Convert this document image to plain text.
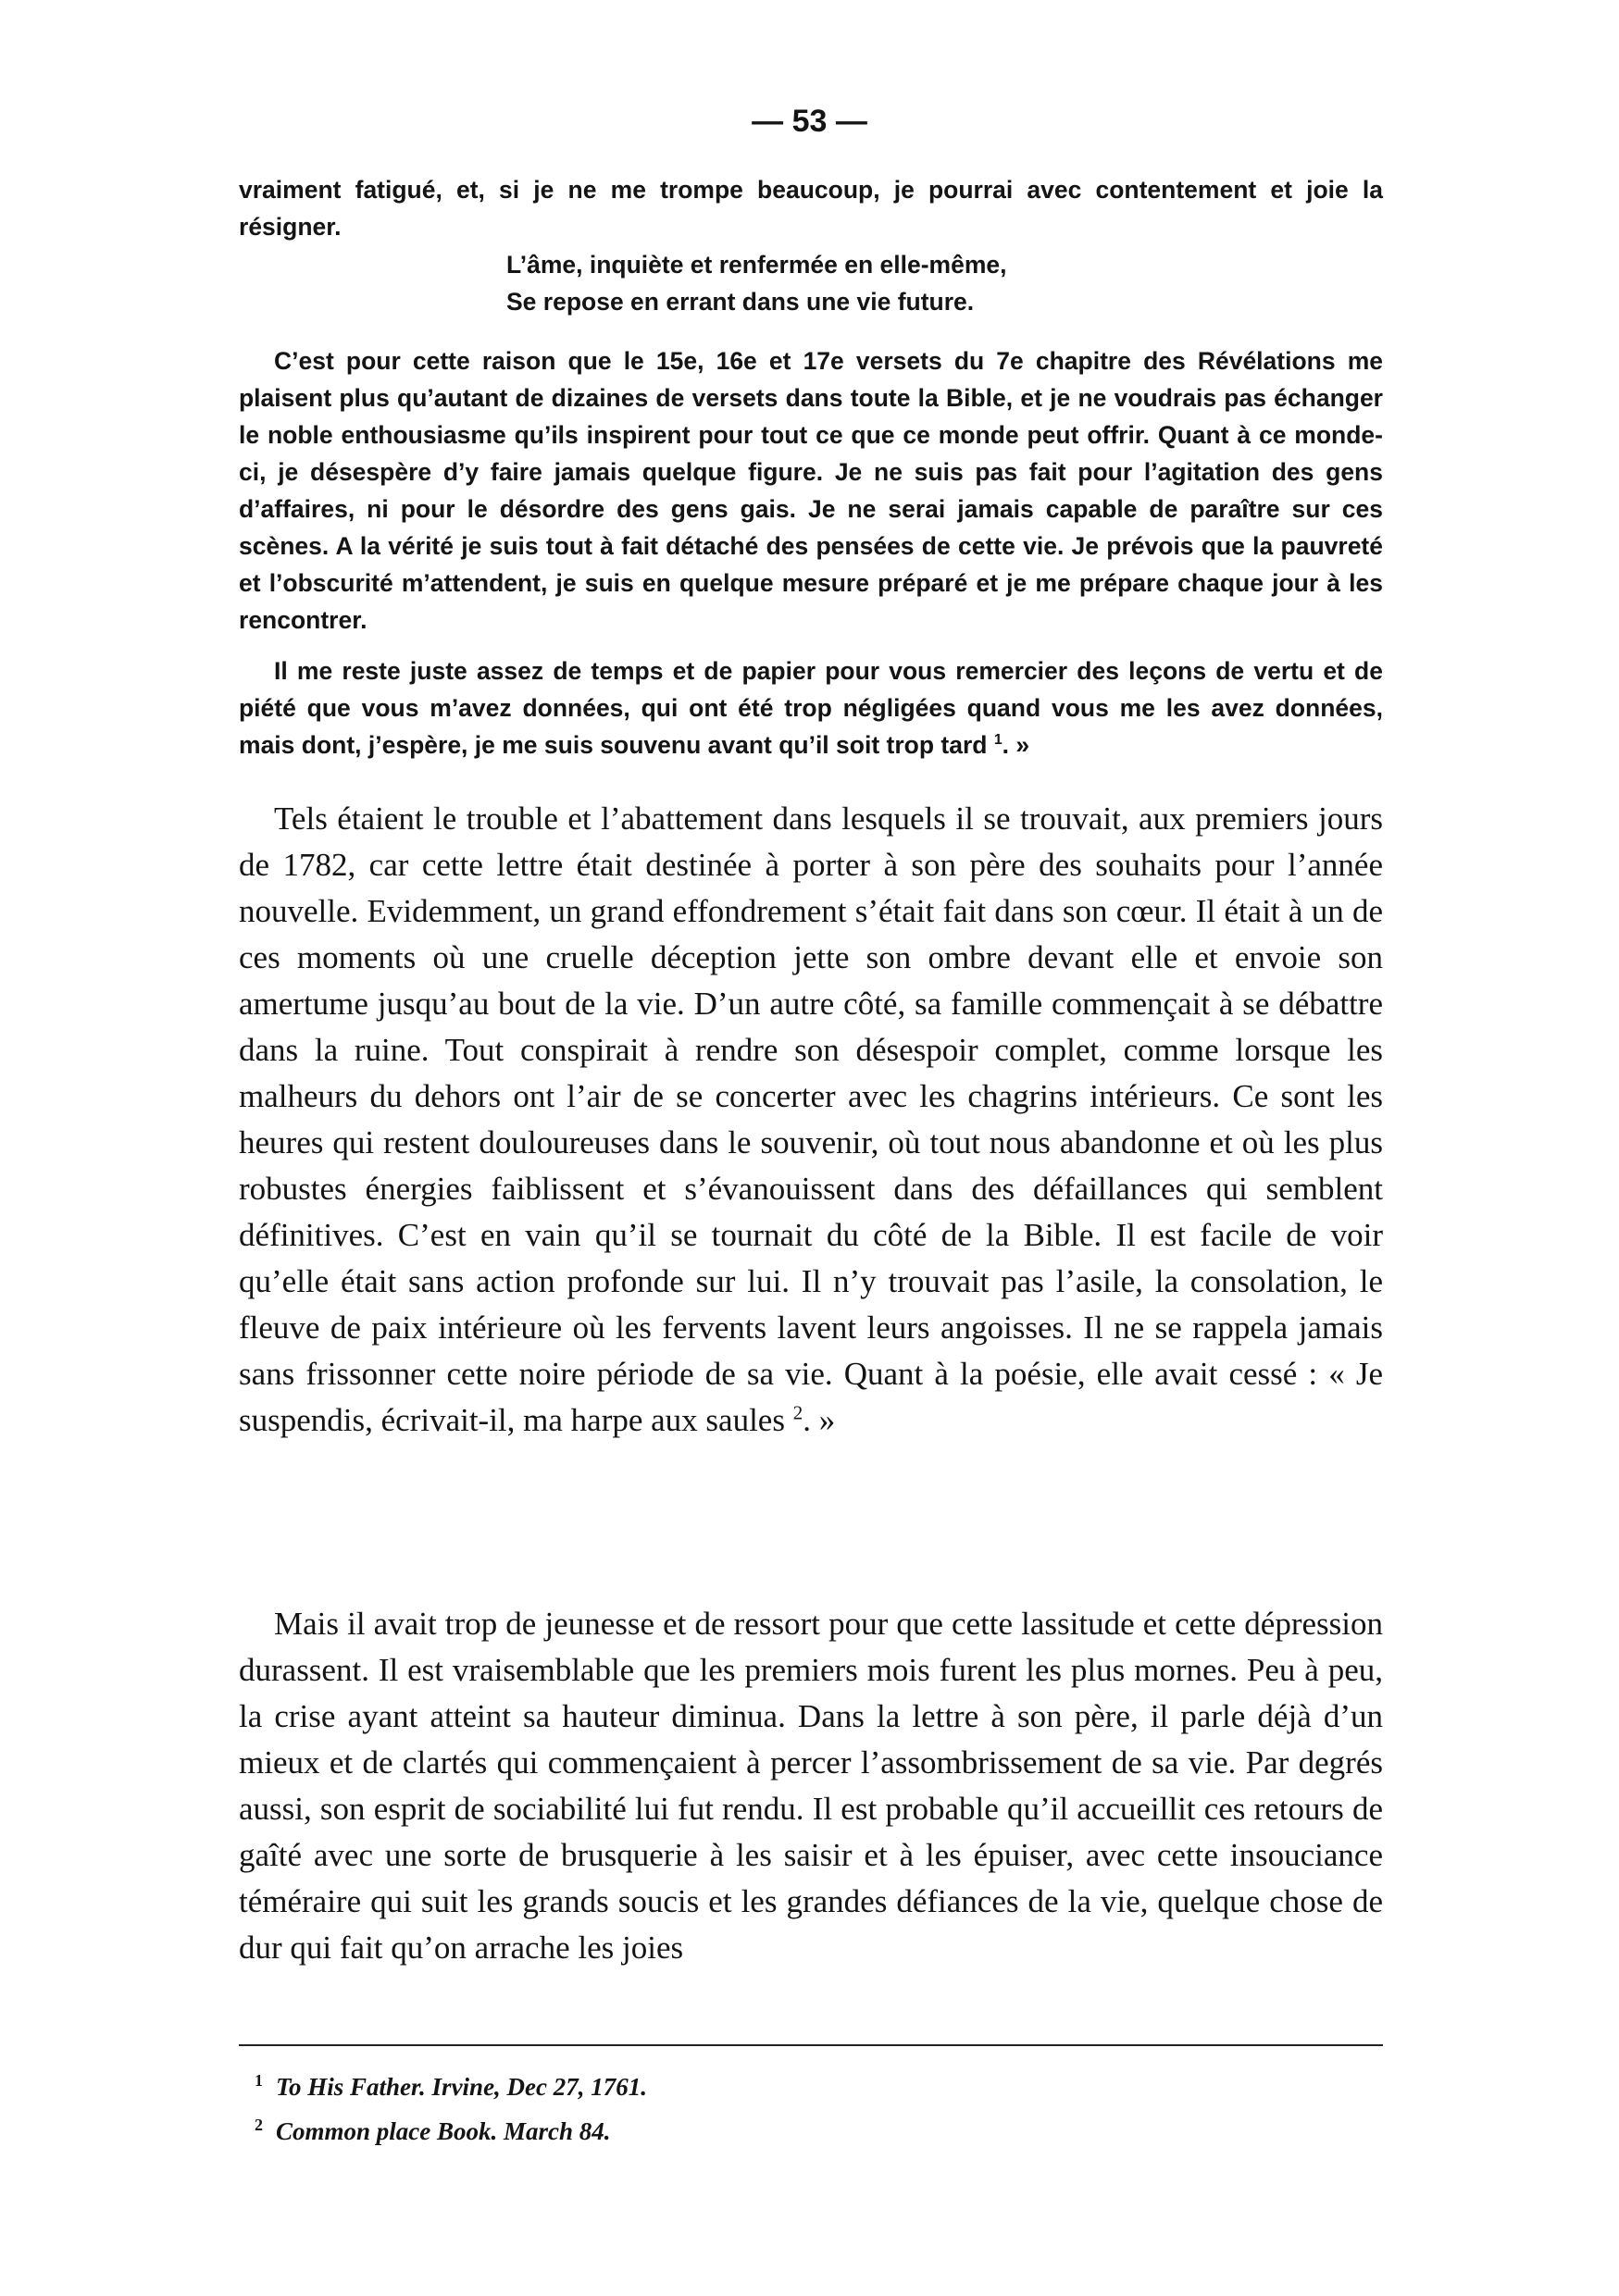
— 53 —

vraiment fatigué, et, si je ne me trompe beaucoup, je pourrai avec contentement et joie la résigner.

L’âme, inquiète et renfermée en elle-même,
Se repose en errant dans une vie future.

C’est pour cette raison que le 15e, 16e et 17e versets du 7e chapitre des Révélations me plaisent plus qu’autant de dizaines de versets dans toute la Bible, et je ne voudrais pas échanger le noble enthousiasme qu’ils inspirent pour tout ce que ce monde peut offrir. Quant à ce monde-ci, je désespère d’y faire jamais quelque figure. Je ne suis pas fait pour l’agitation des gens d’affaires, ni pour le désordre des gens gais. Je ne serai jamais capable de paraître sur ces scènes. A la vérité je suis tout à fait détaché des pensées de cette vie. Je prévois que la pauvreté et l’obscurité m’attendent, je suis en quelque mesure préparé et je me prépare chaque jour à les rencontrer.

Il me reste juste assez de temps et de papier pour vous remercier des leçons de vertu et de piété que vous m’avez données, qui ont été trop négligées quand vous me les avez données, mais dont, j’espère, je me suis souvenu avant qu’il soit trop tard $^1$. »

Tels étaient le trouble et l’abattement dans lesquels il se trouvait, aux premiers jours de 1782, car cette lettre était destinée à porter à son père des souhaits pour l’année nouvelle. Evidemment, un grand effondrement s’était fait dans son cœur. Il était à un de ces moments où une cruelle déception jette son ombre devant elle et envoie son amertume jusqu’au bout de la vie. D’un autre côté, sa famille commençait à se débattre dans la ruine. Tout conspirait à rendre son désespoir complet, comme lorsque les malheurs du dehors ont l’air de se concerter avec les chagrins intérieurs. Ce sont les heures qui restent douloureuses dans le souvenir, où tout nous abandonne et où les plus robustes énergies faiblissent et s’évanouissent dans des défaillances qui semblent définitives. C’est en vain qu’il se tournait du côté de la Bible. Il est facile de voir qu’elle était sans action profonde sur lui. Il n’y trouvait pas l’asile, la consolation, le fleuve de paix intérieure où les fervents lavent leurs angoisses. Il ne se rappela jamais sans frissonner cette noire période de sa vie. Quant à la poésie, elle avait cessé : « Je suspendis, écrivait-il, ma harpe aux saules $^2$. »

Mais il avait trop de jeunesse et de ressort pour que cette lassitude et cette dépression durassent. Il est vraisemblable que les premiers mois furent les plus mornes. Peu à peu, la crise ayant atteint sa hauteur diminua. Dans la lettre à son père, il parle déjà d’un mieux et de clartés qui commençaient à percer l’assombrissement de sa vie. Par degrés aussi, son esprit de sociabilité lui fut rendu. Il est probable qu’il accueillit ces retours de gaîté avec une sorte de brusquerie à les saisir et à les épuiser, avec cette insouciance téméraire qui suit les grands soucis et les grandes défiances de la vie, quelque chose de dur qui fait qu’on arrache les joies

$^1$ To His Father. Irvine, Dec 27, 1761.
$^2$ Common place Book. March 84.
